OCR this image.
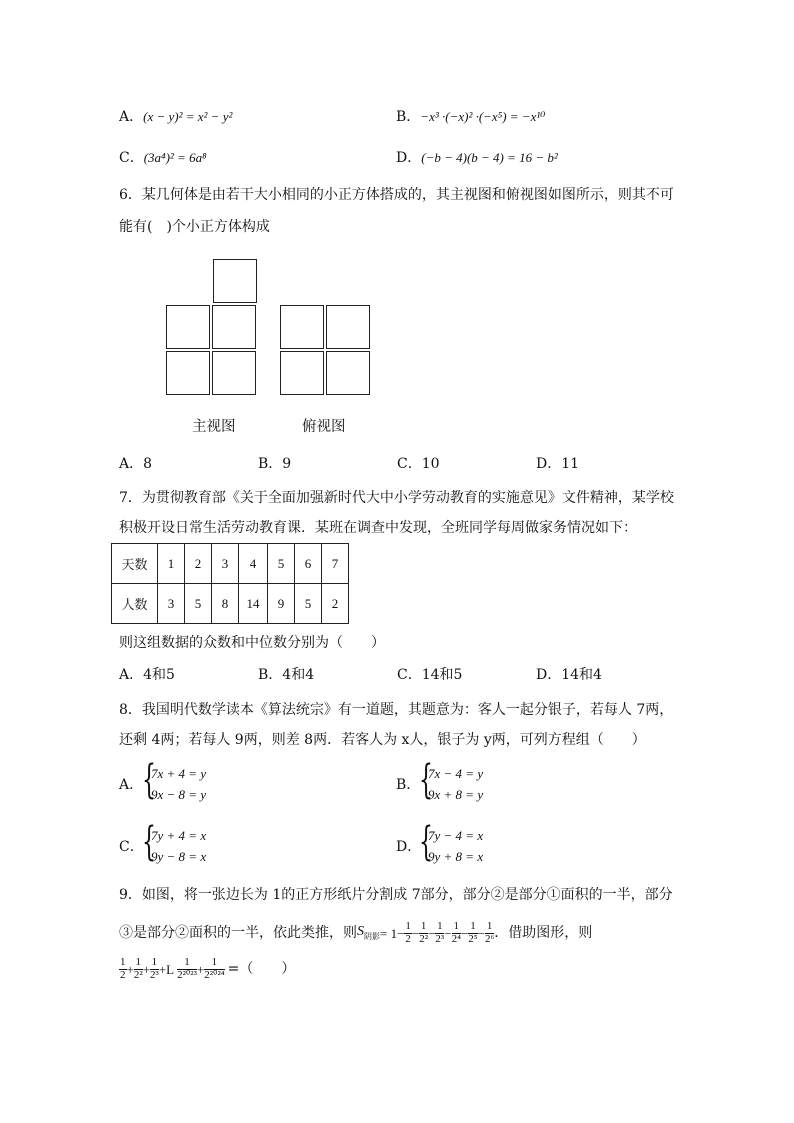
A．(x − y)² = x² − y²	B．−x³ ·(−x)² ·(−x⁵) = −x¹⁰
C．(3a⁴)² = 6a⁸	D．(−b − 4)(b − 4) = 16 − b²
6．某几何体是由若干大小相同的小正方体搭成的，其主视图和俯视图如图所示，则其不可
能有(　)个小正方体构成
主视图	俯视图
A．8	B．9	C．10	D．11
7．为贯彻教育部《关于全面加强新时代大中小学劳动教育的实施意见》文件精神，某学校
积极开设日常生活劳动教育课．某班在调查中发现，全班同学每周做家务情况如下：
天数	1	2	3	4	5	6	7
人数	3	5	8	14	9	5	2
则这组数据的众数和中位数分别为（　　）
A．4和5	B．4和4	C．14和5	D．14和4
8．我国明代数学读本《算法统宗》有一道题，其题意为：客人一起分银子，若每人 7两，
还剩 4两；若每人 9两，则差 8两．若客人为 x人，银子为 y两，可列方程组（　　）
A．
{
7x + 4 = y
9x − 8 = y
B．
{
7x − 4 = y
9x + 8 = y
C．
{
7y + 4 = x
9y − 8 = x
D．
{
7y − 4 = x
9y + 8 = x
9．如图，将一张边长为 1的正方形纸片分割成 7部分，部分②是部分①面积的一半，部分
③是部分②面积的一半，依此类推，则 $S_{阴影} = 1- \frac{1}{2} - \frac{1}{\text{2²}} - \frac{1}{\text{2³}} - \frac{1}{\text{2⁴}} - \frac{1}{\text{2⁵}} - \frac{1}{\text{2⁶}}$ ．借助图形，则
$\frac{1}{2} + \frac{1}{\text{2²}} + \frac{1}{\text{2³}} +L \frac{1}{\text{2²⁰²³}} + \frac{1}{\text{2²⁰²⁴}}$ =（　　）
